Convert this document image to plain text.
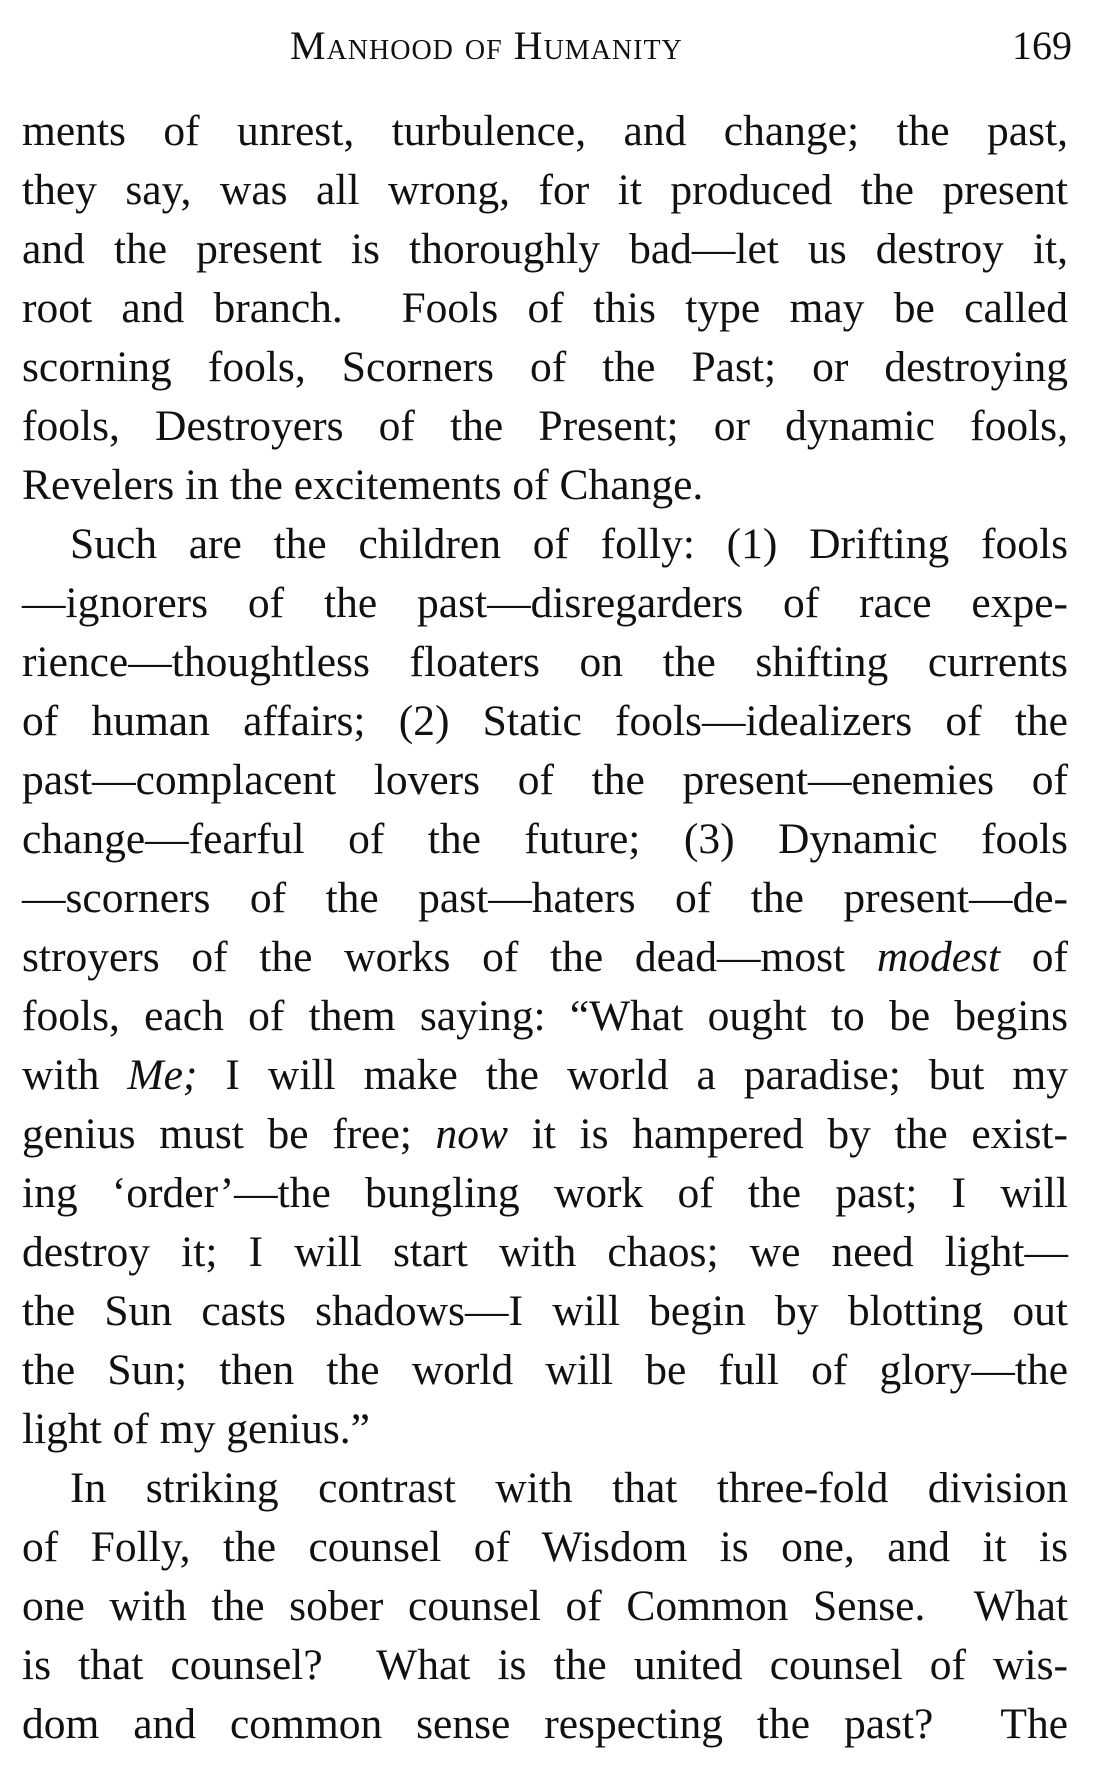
Manhood of Humanity	169
ments of unrest, turbulence, and change; the past,
they say, was all wrong, for it produced the present
and the present is thoroughly bad—let us destroy it,
root and branch.  Fools of this type may be called
scorning fools, Scorners of the Past; or destroying
fools, Destroyers of the Present; or dynamic fools,
Revelers in the excitements of Change.
Such are the children of folly: (1) Drifting fools
—ignorers of the past—disregarders of race expe-
rience—thoughtless floaters on the shifting currents
of human affairs; (2) Static fools—idealizers of the
past—complacent lovers of the present—enemies of
change—fearful of the future; (3) Dynamic fools
—scorners of the past—haters of the present—de-
stroyers of the works of the dead—most modest of
fools, each of them saying: “What ought to be begins
with Me; I will make the world a paradise; but my
genius must be free; now it is hampered by the exist-
ing ‘order’—the bungling work of the past; I will
destroy it; I will start with chaos; we need light—
the Sun casts shadows—I will begin by blotting out
the Sun; then the world will be full of glory—the
light of my genius.”
In striking contrast with that three-fold division
of Folly, the counsel of Wisdom is one, and it is
one with the sober counsel of Common Sense.  What
is that counsel?  What is the united counsel of wis-
dom and common sense respecting the past?  The
